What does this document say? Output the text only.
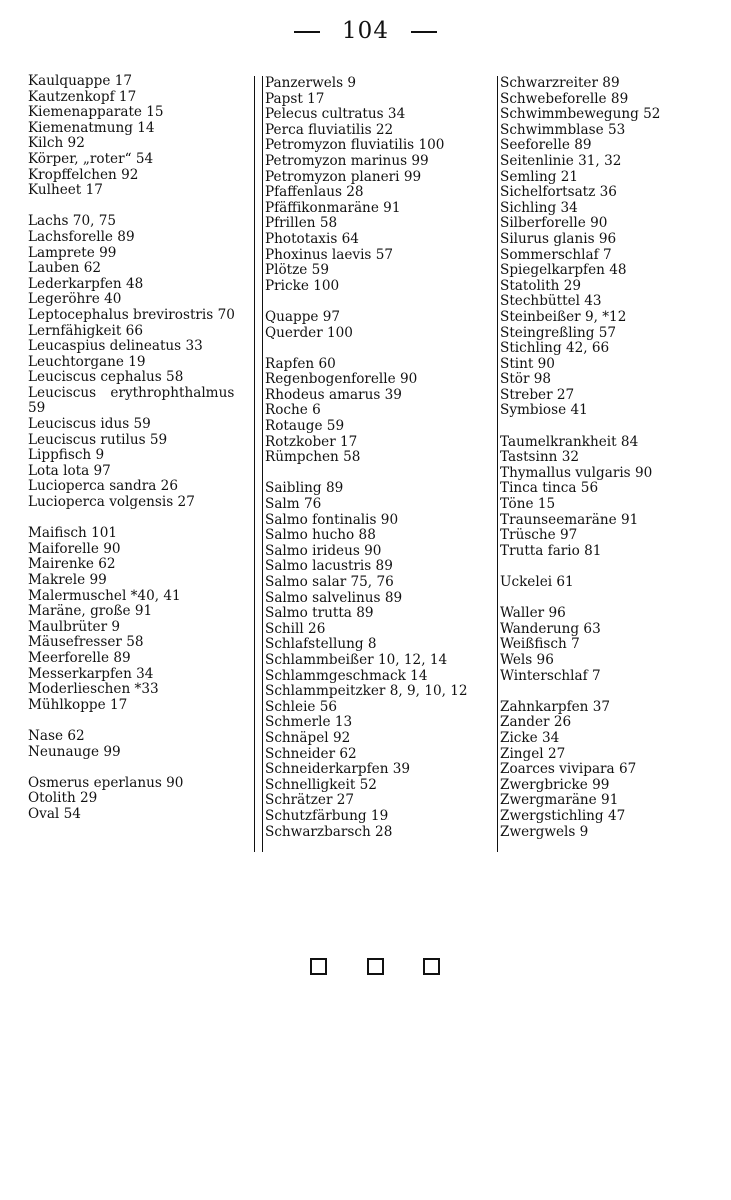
104
Kaulquappe 17
Kautzenkopf 17
Kiemenapparate 15
Kiemenatmung 14
Kilch 92
Körper, „roter“ 54
Kropffelchen 92
Kulheet 17
Lachs 70, 75
Lachsforelle 89
Lamprete 99
Lauben 62
Lederkarpfen 48
Legeröhre 40
Leptocephalus brevirostris 70
Lernfähigkeit 66
Leucaspius delineatus 33
Leuchtorgane 19
Leuciscus cephalus 58
Leuciscus erythrophthalmus 59
Leuciscus idus 59
Leuciscus rutilus 59
Lippfisch 9
Lota lota 97
Lucioperca sandra 26
Lucioperca volgensis 27
Maifisch 101
Maiforelle 90
Mairenke 62
Makrele 99
Malermuschel *40, 41
Maräne, große 91
Maulbrüter 9
Mäusefresser 58
Meerforelle 89
Messerkarpfen 34
Moderlieschen *33
Mühlkoppe 17
Nase 62
Neunauge 99
Osmerus eperlanus 90
Otolith 29
Oval 54
Panzerwels 9
Papst 17
Pelecus cultratus 34
Perca fluviatilis 22
Petromyzon fluviatilis 100
Petromyzon marinus 99
Petromyzon planeri 99
Pfaffenlaus 28
Pfäffikonmaräne 91
Pfrillen 58
Phototaxis 64
Phoxinus laevis 57
Plötze 59
Pricke 100
Quappe 97
Querder 100
Rapfen 60
Regenbogenforelle 90
Rhodeus amarus 39
Roche 6
Rotauge 59
Rotzkober 17
Rümpchen 58
Saibling 89
Salm 76
Salmo fontinalis 90
Salmo hucho 88
Salmo irideus 90
Salmo lacustris 89
Salmo salar 75, 76
Salmo salvelinus 89
Salmo trutta 89
Schill 26
Schlafstellung 8
Schlammbeißer 10, 12, 14
Schlammgeschmack 14
Schlammpeitzker 8, 9, 10, 12
Schleie 56
Schmerle 13
Schnäpel 92
Schneider 62
Schneiderkarpfen 39
Schnelligkeit 52
Schrätzer 27
Schutzfärbung 19
Schwarzbarsch 28
Schwarzreiter 89
Schwebeforelle 89
Schwimmbewegung 52
Schwimmblase 53
Seeforelle 89
Seitenlinie 31, 32
Semling 21
Sichelfortsatz 36
Sichling 34
Silberforelle 90
Silurus glanis 96
Sommerschlaf 7
Spiegelkarpfen 48
Statolith 29
Stechbüttel 43
Steinbeißer 9, *12
Steingreßling 57
Stichling 42, 66
Stint 90
Stör 98
Streber 27
Symbiose 41
Taumelkrankheit 84
Tastsinn 32
Thymallus vulgaris 90
Tinca tinca 56
Töne 15
Traunseemaräne 91
Trüsche 97
Trutta fario 81
Uckelei 61
Waller 96
Wanderung 63
Weißfisch 7
Wels 96
Winterschlaf 7
Zahnkarpfen 37
Zander 26
Zicke 34
Zingel 27
Zoarces vivipara 67
Zwergbricke 99
Zwergmaräne 91
Zwergstichling 47
Zwergwels 9
